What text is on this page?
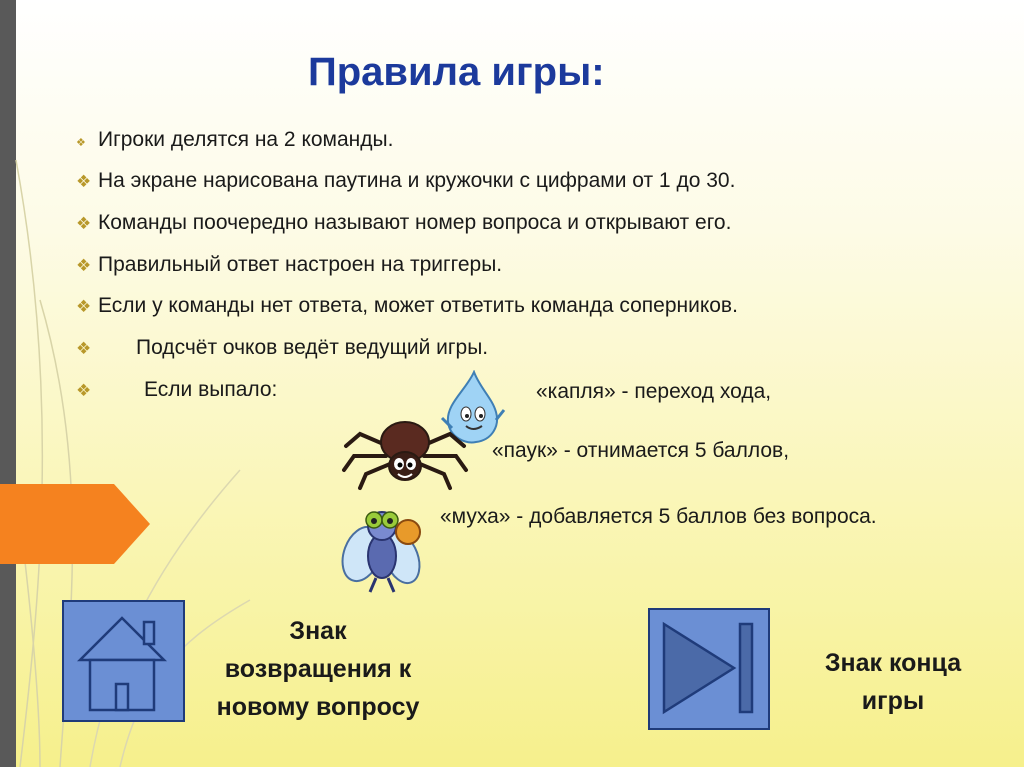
Правила игры:
❖ Игроки делятся на 2 команды.
❖ На экране нарисована паутина и кружочки с цифрами от 1 до 30.
❖ Команды поочередно называют номер вопроса и открывают его.
❖ Правильный ответ настроен на триггеры.
❖ Если у команды нет ответа, может ответить команда соперников.
❖ Подсчёт очков ведёт ведущий игры.
❖	Если выпало:	«капля» - переход хода,
«паук» - отнимается 5 баллов,
«муха» - добавляется 5 баллов без вопроса.
Знак
возвращения к
новому вопросу
Знак конца
игры
